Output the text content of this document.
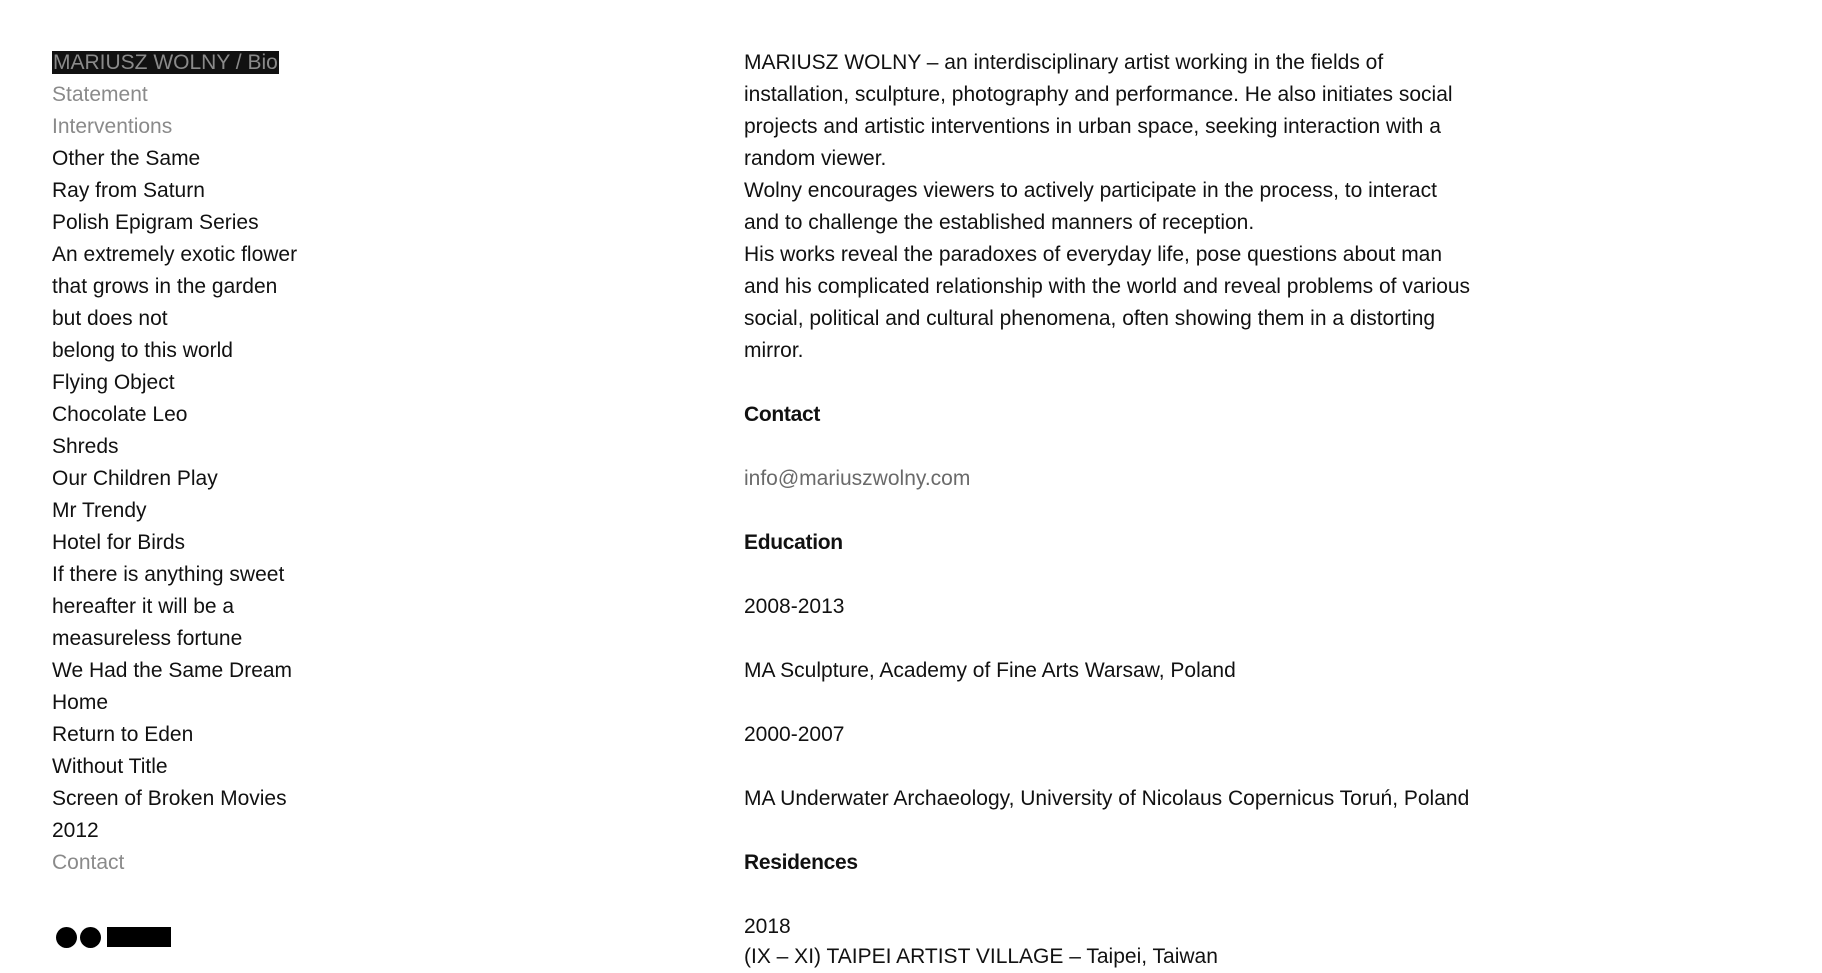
MARIUSZ WOLNY / Bio
Statement
Interventions
Other the Same
Ray from Saturn
Polish Epigram Series
An extremely exotic flower
that grows in the garden
but does not
belong to this world
Flying Object
Chocolate Leo
Shreds
Our Children Play
Mr Trendy
Hotel for Birds
If there is anything sweet
hereafter it will be a
measureless fortune
We Had the Same Dream
Home
Return to Eden
Without Title
Screen of Broken Movies
2012
Contact

MARIUSZ WOLNY – an interdisciplinary artist working in the fields of installation, sculpture, photography and performance. He also initiates social projects and artistic interventions in urban space, seeking interaction with a random viewer.

Wolny encourages viewers to actively participate in the process, to interact and to challenge the established manners of reception.

His works reveal the paradoxes of everyday life, pose questions about man and his complicated relationship with the world and reveal problems of various social, political and cultural phenomena, often showing them in a distorting mirror.

Contact

info@mariuszwolny.com

Education

2008-2013

MA Sculpture, Academy of Fine Arts Warsaw, Poland

2000-2007

MA Underwater Archaeology, University of Nicolaus Copernicus Toruń, Poland

Residences

2018

(IX – XI) TAIPEI ARTIST VILLAGE – Taipei, Taiwan
